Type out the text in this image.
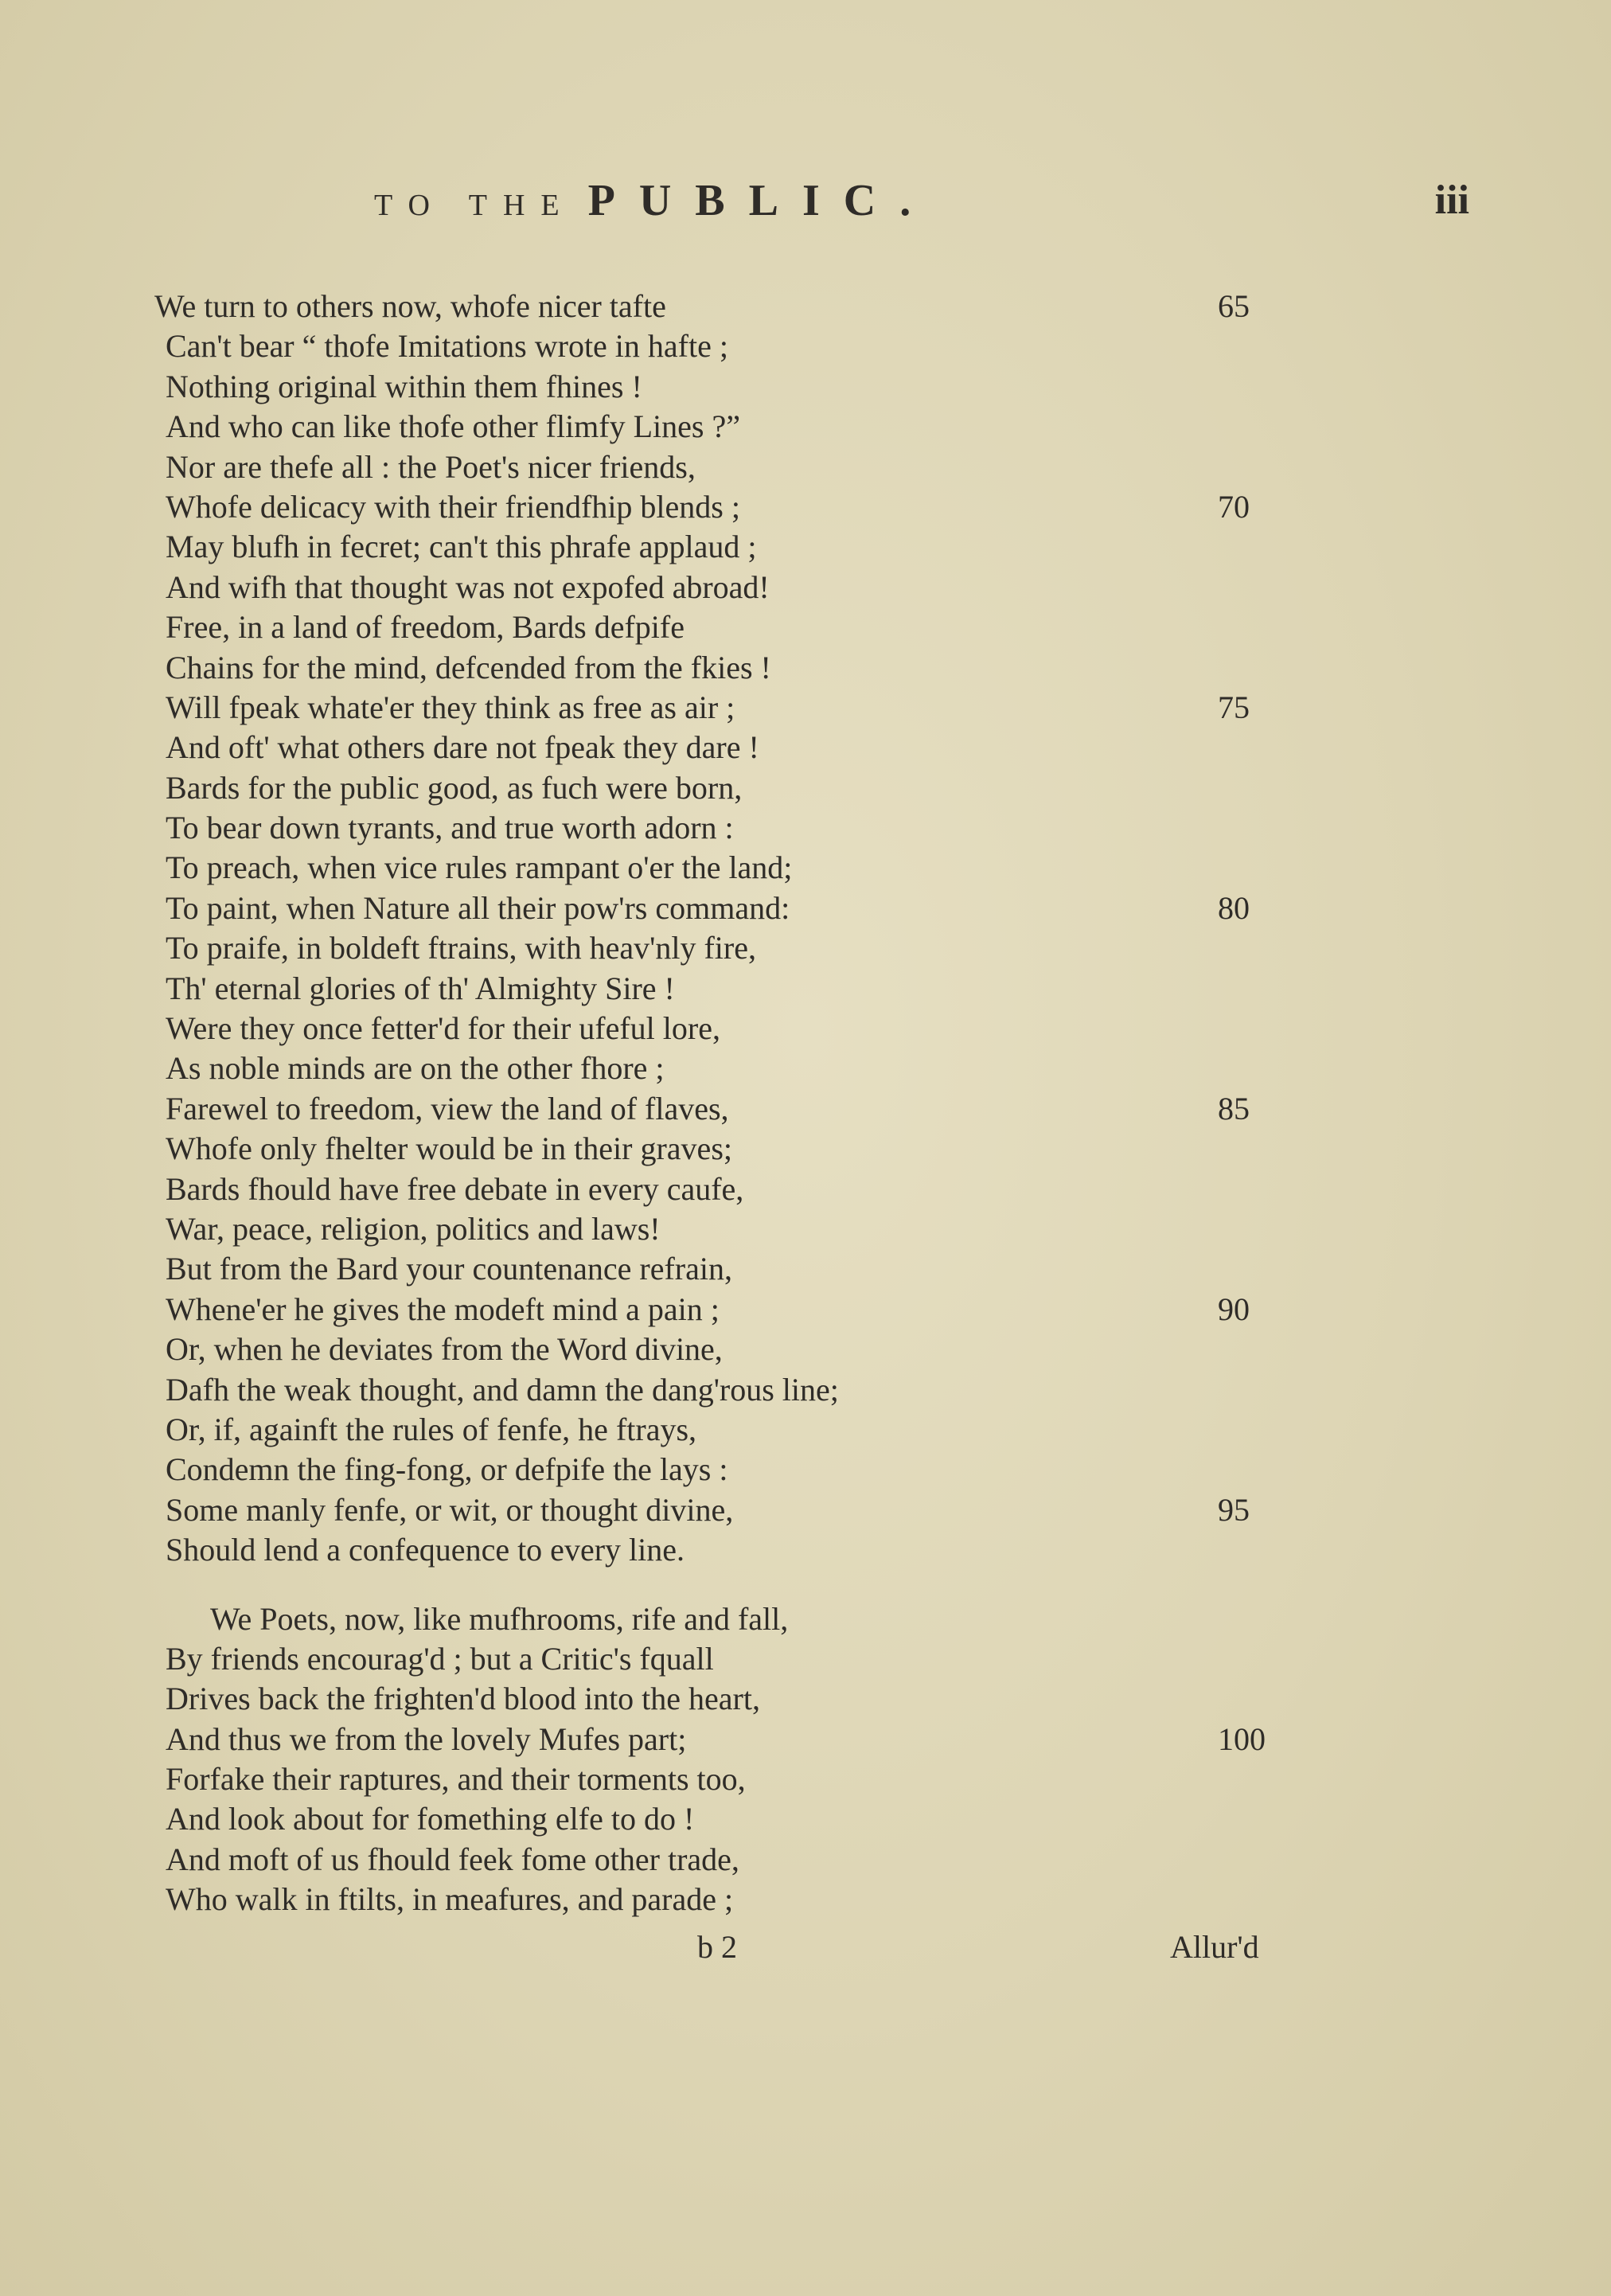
TO THE PUBLIC.	iii
We turn to others now, whofe nicer tafte	65
Can't bear “ thofe Imitations wrote in hafte ;
Nothing original within them fhines !
And who can like thofe other flimfy Lines ?”
Nor are thefe all : the Poet's nicer friends,
Whofe delicacy with their friendfhip blends ;	70
May blufh in fecret; can't this phrafe applaud ;
And wifh that thought was not expofed abroad!
Free, in a land of freedom, Bards defpife
Chains for the mind, defcended from the fkies !
Will fpeak whate'er they think as free as air ;	75
And oft' what others dare not fpeak they dare !
Bards for the public good, as fuch were born,
To bear down tyrants, and true worth adorn :
To preach, when vice rules rampant o'er the land;
To paint, when Nature all their pow'rs command:	80
To praife, in boldeft ftrains, with heav'nly fire,
Th' eternal glories of th' Almighty Sire !
Were they once fetter'd for their ufeful lore,
As noble minds are on the other fhore ;
Farewel to freedom, view the land of flaves,	85
Whofe only fhelter would be in their graves;
Bards fhould have free debate in every caufe,
War, peace, religion, politics and laws!
But from the Bard your countenance refrain,
Whene'er he gives the modeft mind a pain ;	90
Or, when he deviates from the Word divine,
Dafh the weak thought, and damn the dang'rous line;
Or, if, againft the rules of fenfe, he ftrays,
Condemn the fing-fong, or defpife the lays :
Some manly fenfe, or wit, or thought divine,	95
Should lend a confequence to every line.
We Poets, now, like mufhrooms, rife and fall,
By friends encourag'd ; but a Critic's fquall
Drives back the frighten'd blood into the heart,
And thus we from the lovely Mufes part;	100
Forfake their raptures, and their torments too,
And look about for fomething elfe to do !
And moft of us fhould feek fome other trade,
Who walk in ftilts, in meafures, and parade ;
b 2	Allur'd
